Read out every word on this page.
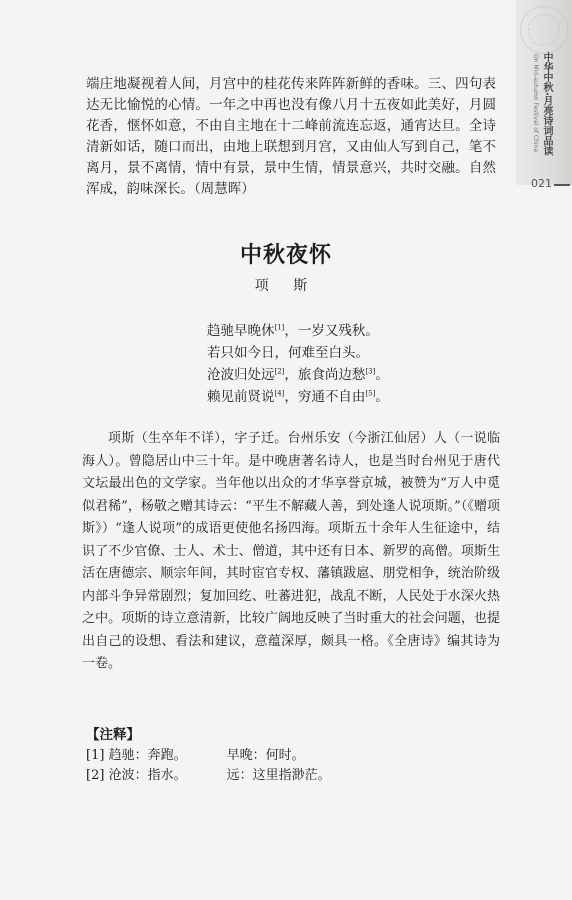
On Mid-autumn Festival of China 中华中秋·月亮诗词品读
021

端庄地凝视着人间，月宫中的桂花传来阵阵新鲜的香味。三、四句表达无比愉悦的心情。一年之中再也没有像八月十五夜如此美好，月圆花香，惬怀如意，不由自主地在十二峰前流连忘返，通宵达旦。全诗清新如话，随口而出，由地上联想到月宫，又由仙人写到自己，笔不离月，景不离情，情中有景，景中生情，情景意兴，共时交融。自然浑成，韵味深长。（周慧晖）

中秋夜怀

项 斯

趋驰早晚休[1]，一岁又残秋。
若只如今日，何难至白头。
沧波归处远[2]，旅食尚边愁[3]。
赖见前贤说[4]，穷通不自由[5]。

项斯（生卒年不详），字子迁。台州乐安（今浙江仙居）人（一说临海人）。曾隐居山中三十年。是中晚唐著名诗人，也是当时台州见于唐代文坛最出色的文学家。当年他以出众的才华享誉京城，被赞为“万人中觅似君稀”，杨敬之赠其诗云：“平生不解藏人善，到处逢人说项斯。”（《赠项斯》）“逢人说项”的成语更使他名扬四海。项斯五十余年人生征途中，结识了不少官僚、士人、术士、僧道，其中还有日本、新罗的高僧。项斯生活在唐德宗、顺宗年间，其时宦官专权、藩镇跋扈、朋党相争，统治阶级内部斗争异常剧烈；复加回纥、吐蕃进犯，战乱不断，人民处于水深火热之中。项斯的诗立意清新，比较广阔地反映了当时重大的社会问题，也提出自己的设想、看法和建议，意蕴深厚，颇具一格。《全唐诗》编其诗为一卷。

【注释】

[1] 趋驰：奔跑。	早晚：何时。

[2] 沧波：指水。	远：这里指渺茫。
